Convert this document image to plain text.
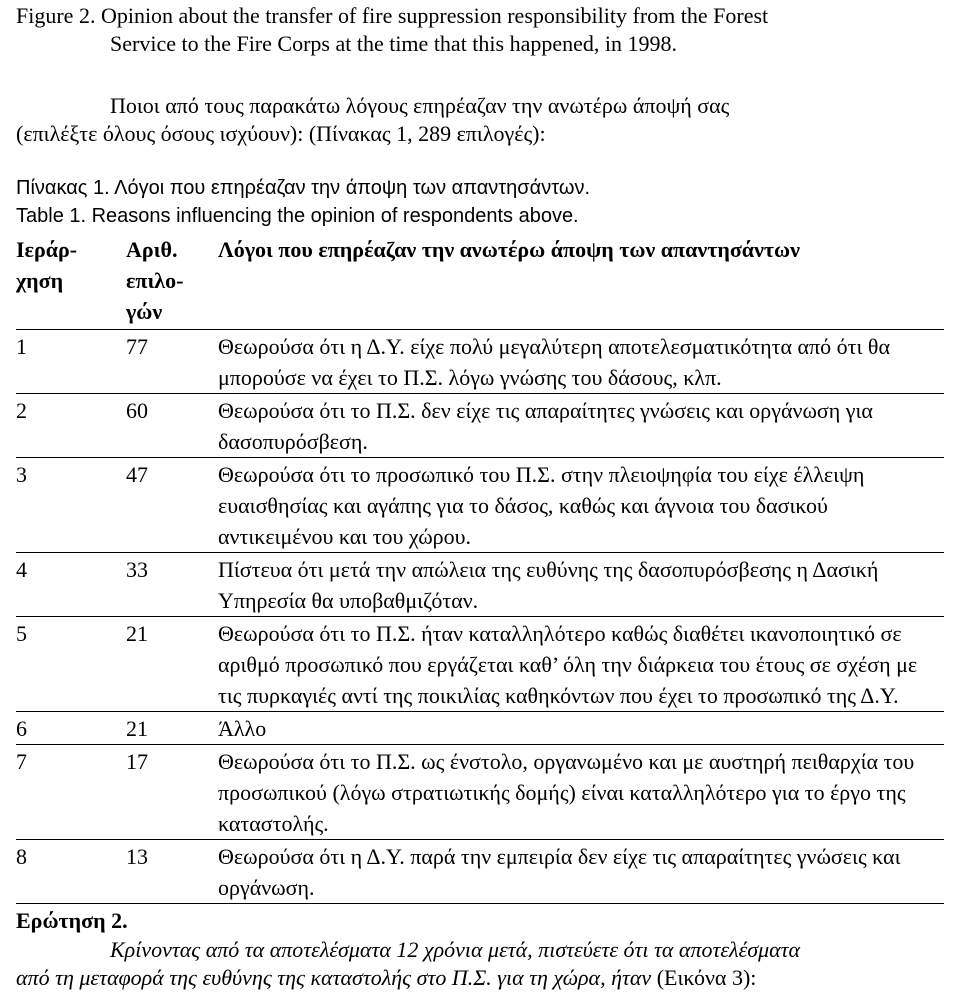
Figure 2. Opinion about the transfer of fire suppression responsibility from the Forest

Service to the Fire Corps at the time that this happened, in 1998.
Ποιοι από τους παρακάτω λόγους επηρέαζαν την ανωτέρω άποψή σας
(επιλέξτε όλους όσους ισχύουν): (Πίνακας 1, 289 επιλογές):
Πίνακας 1. Λόγοι που επηρέαζαν την άποψη των απαντησάντων.
Table 1. Reasons influencing the opinion of respondents above.
Ιεράρ-
χηση	Αριθ.
επιλο-
γών	Λόγοι που επηρέαζαν την ανωτέρω άποψη των απαντησάντων
1	77	Θεωρούσα ότι η Δ.Υ. είχε πολύ μεγαλύτερη αποτελεσματικότητα από ότι θα μπορούσε να έχει το Π.Σ. λόγω γνώσης του δάσους, κλπ.
2	60	Θεωρούσα ότι το Π.Σ. δεν είχε τις απαραίτητες γνώσεις και οργάνωση για δασοπυρόσβεση.
3	47	Θεωρούσα ότι το προσωπικό του Π.Σ. στην πλειοψηφία του είχε έλλειψη ευαισθησίας και αγάπης για το δάσος, καθώς και άγνοια του δασικού αντικειμένου και του χώρου.
4	33	Πίστευα ότι μετά την απώλεια της ευθύνης της δασοπυρόσβεσης η Δασική Υπηρεσία θα υποβαθμιζόταν.
5	21	Θεωρούσα ότι το Π.Σ. ήταν καταλληλότερο καθώς διαθέτει ικανοποιητικό σε αριθμό προσωπικό που εργάζεται καθ’ όλη την διάρκεια του έτους σε σχέση με τις πυρκαγιές αντί της ποικιλίας καθηκόντων που έχει το προσωπικό της Δ.Υ.
6	21	Άλλο
7	17	Θεωρούσα ότι το Π.Σ. ως ένστολο, οργανωμένο και με αυστηρή πειθαρχία του προσωπικού (λόγω στρατιωτικής δομής) είναι καταλληλότερο για το έργο της καταστολής.
8	13	Θεωρούσα ότι η Δ.Υ. παρά την εμπειρία δεν είχε τις απαραίτητες γνώσεις και οργάνωση.
Ερώτηση 2.
Κρίνοντας από τα αποτελέσματα 12 χρόνια μετά, πιστεύετε ότι τα αποτελέσματα
από τη μεταφορά της ευθύνης της καταστολής στο Π.Σ. για τη χώρα, ήταν (Εικόνα 3):
